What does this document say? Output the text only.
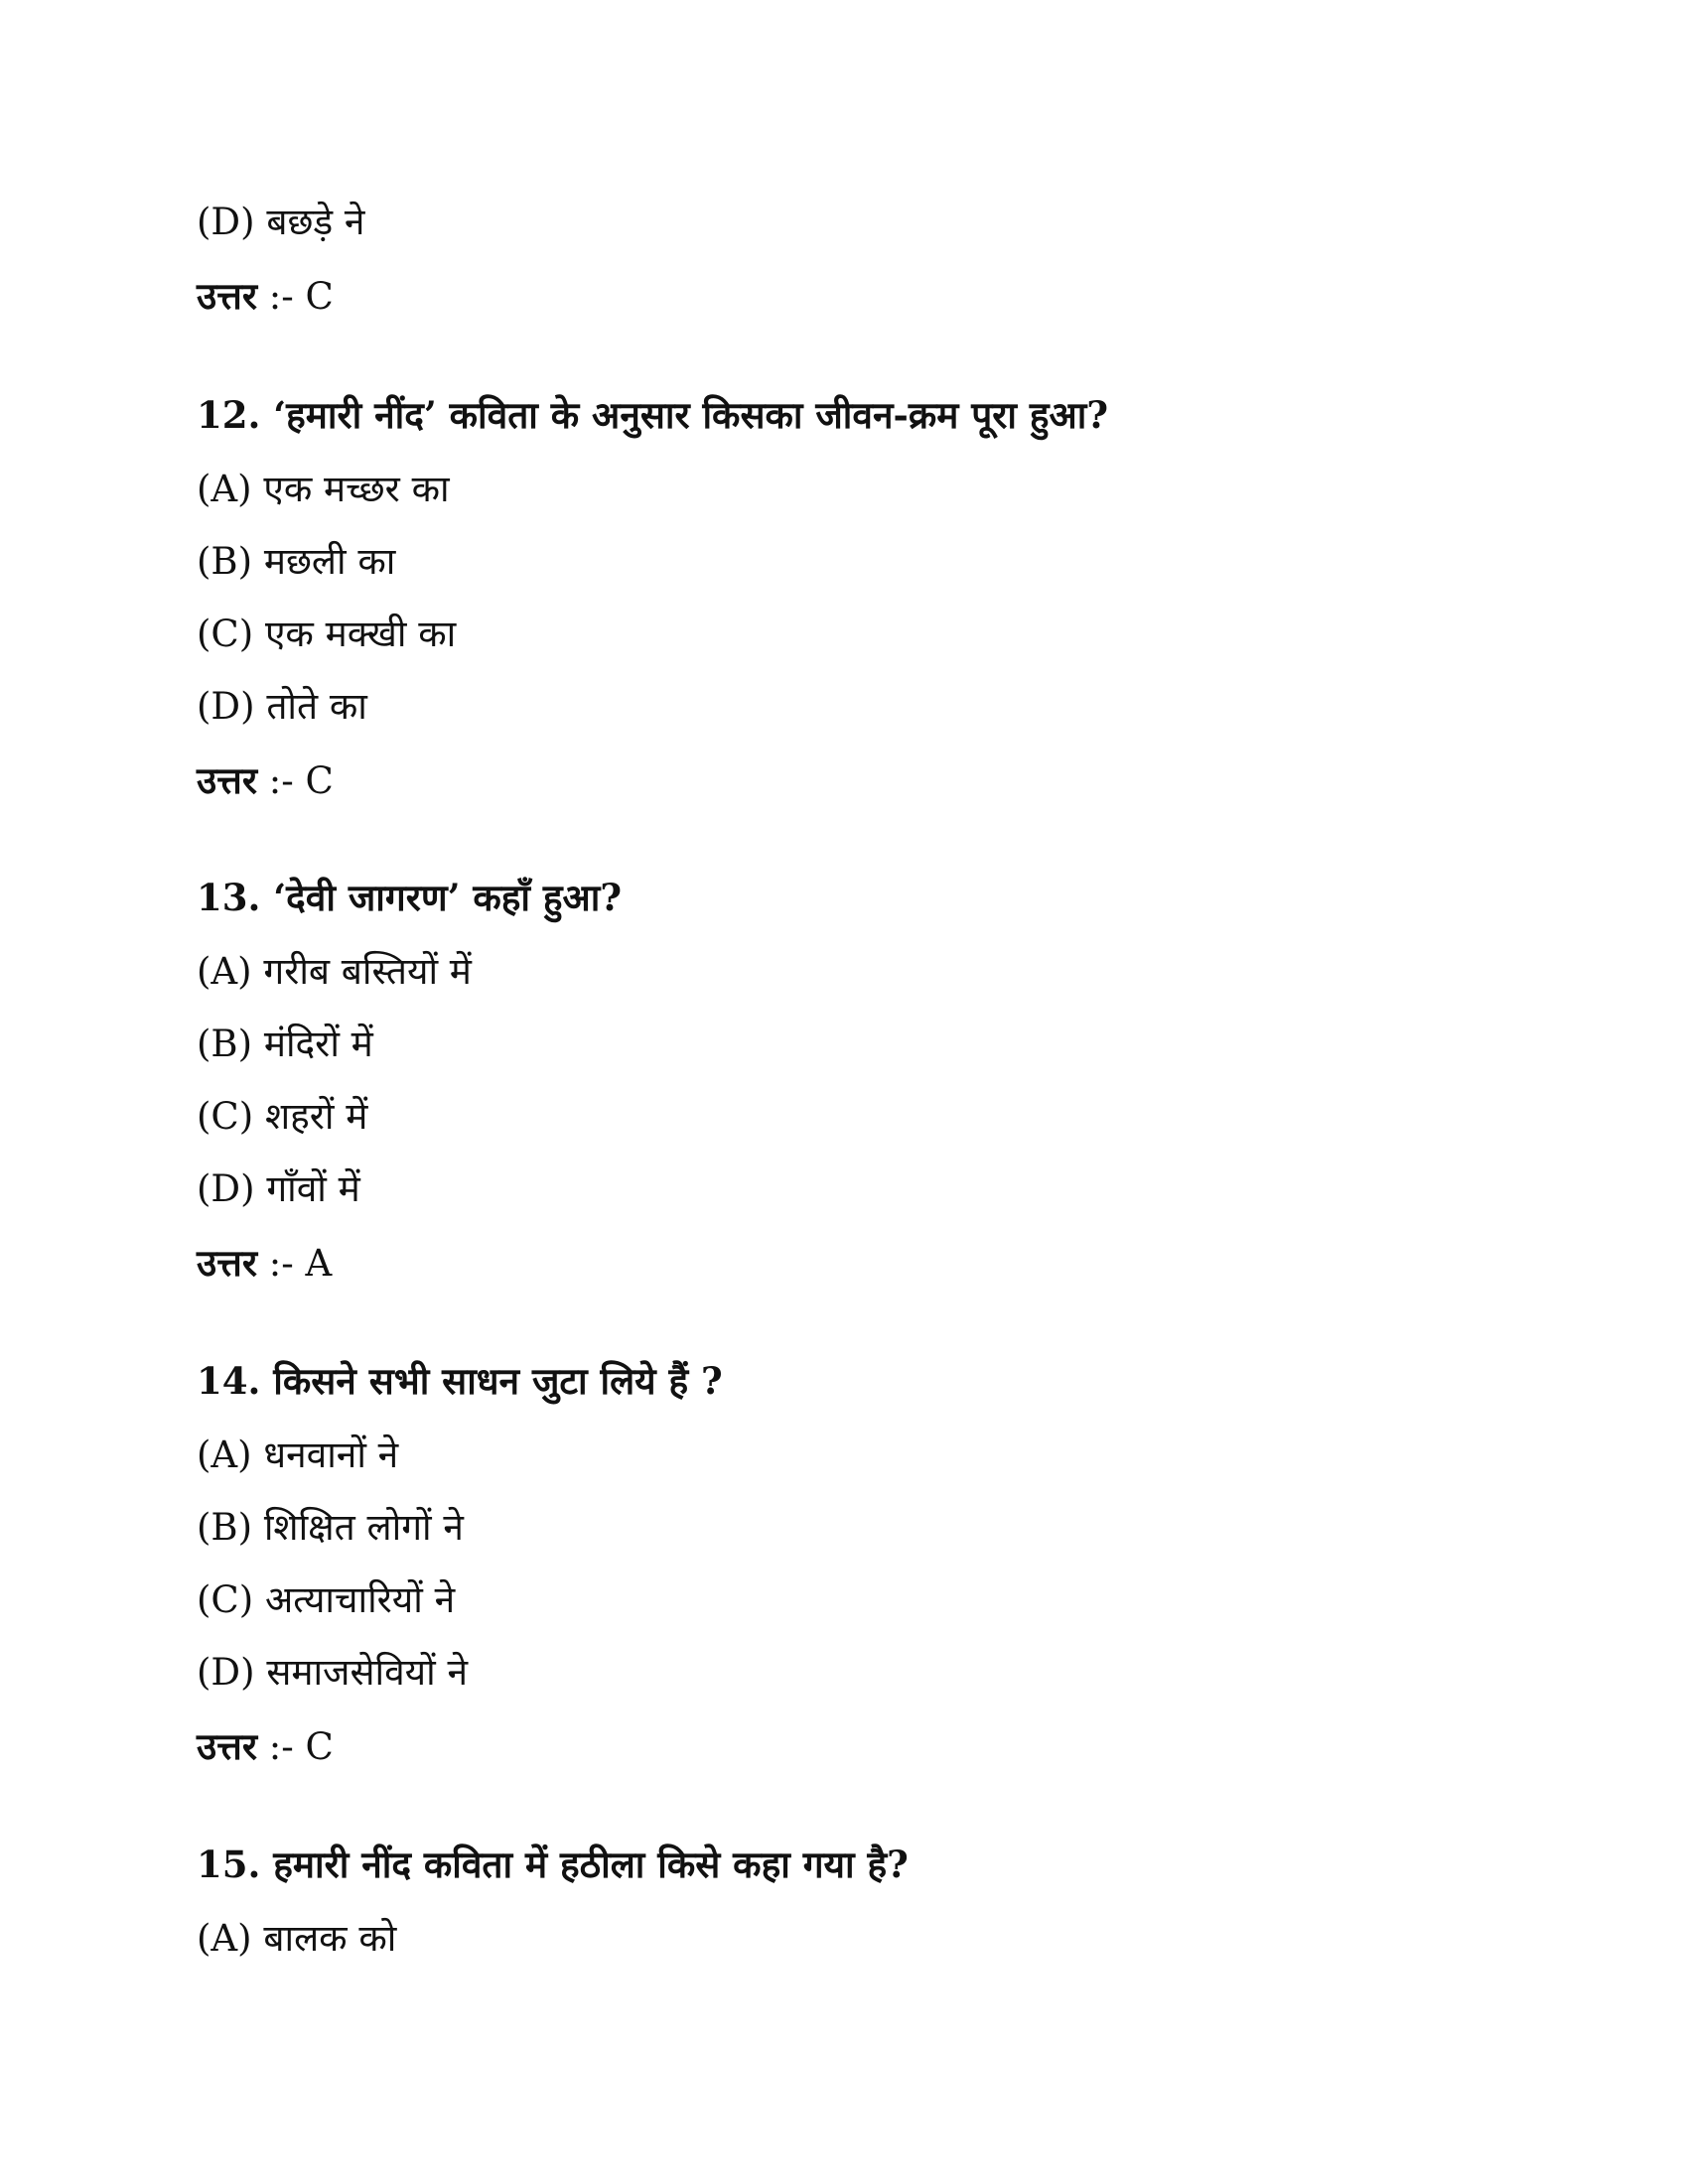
(D) बछड़े ने
उत्तर :- C
12. ‘हमारी नींद’ कविता के अनुसार किसका जीवन-क्रम पूरा हुआ?
(A) एक मच्छर का
(B) मछली का
(C) एक मक्खी का
(D) तोते का
उत्तर :- C
13. ‘देवी जागरण’ कहाँ हुआ?
(A) गरीब बस्तियों में
(B) मंदिरों में
(C) शहरों में
(D) गाँवों में
उत्तर :- A
14. किसने सभी साधन जुटा लिये हैं ?
(A) धनवानों ने
(B) शिक्षित लोगों ने
(C) अत्याचारियों ने
(D) समाजसेवियों ने
उत्तर :- C
15. हमारी नींद कविता में हठीला किसे कहा गया है?
(A) बालक को
